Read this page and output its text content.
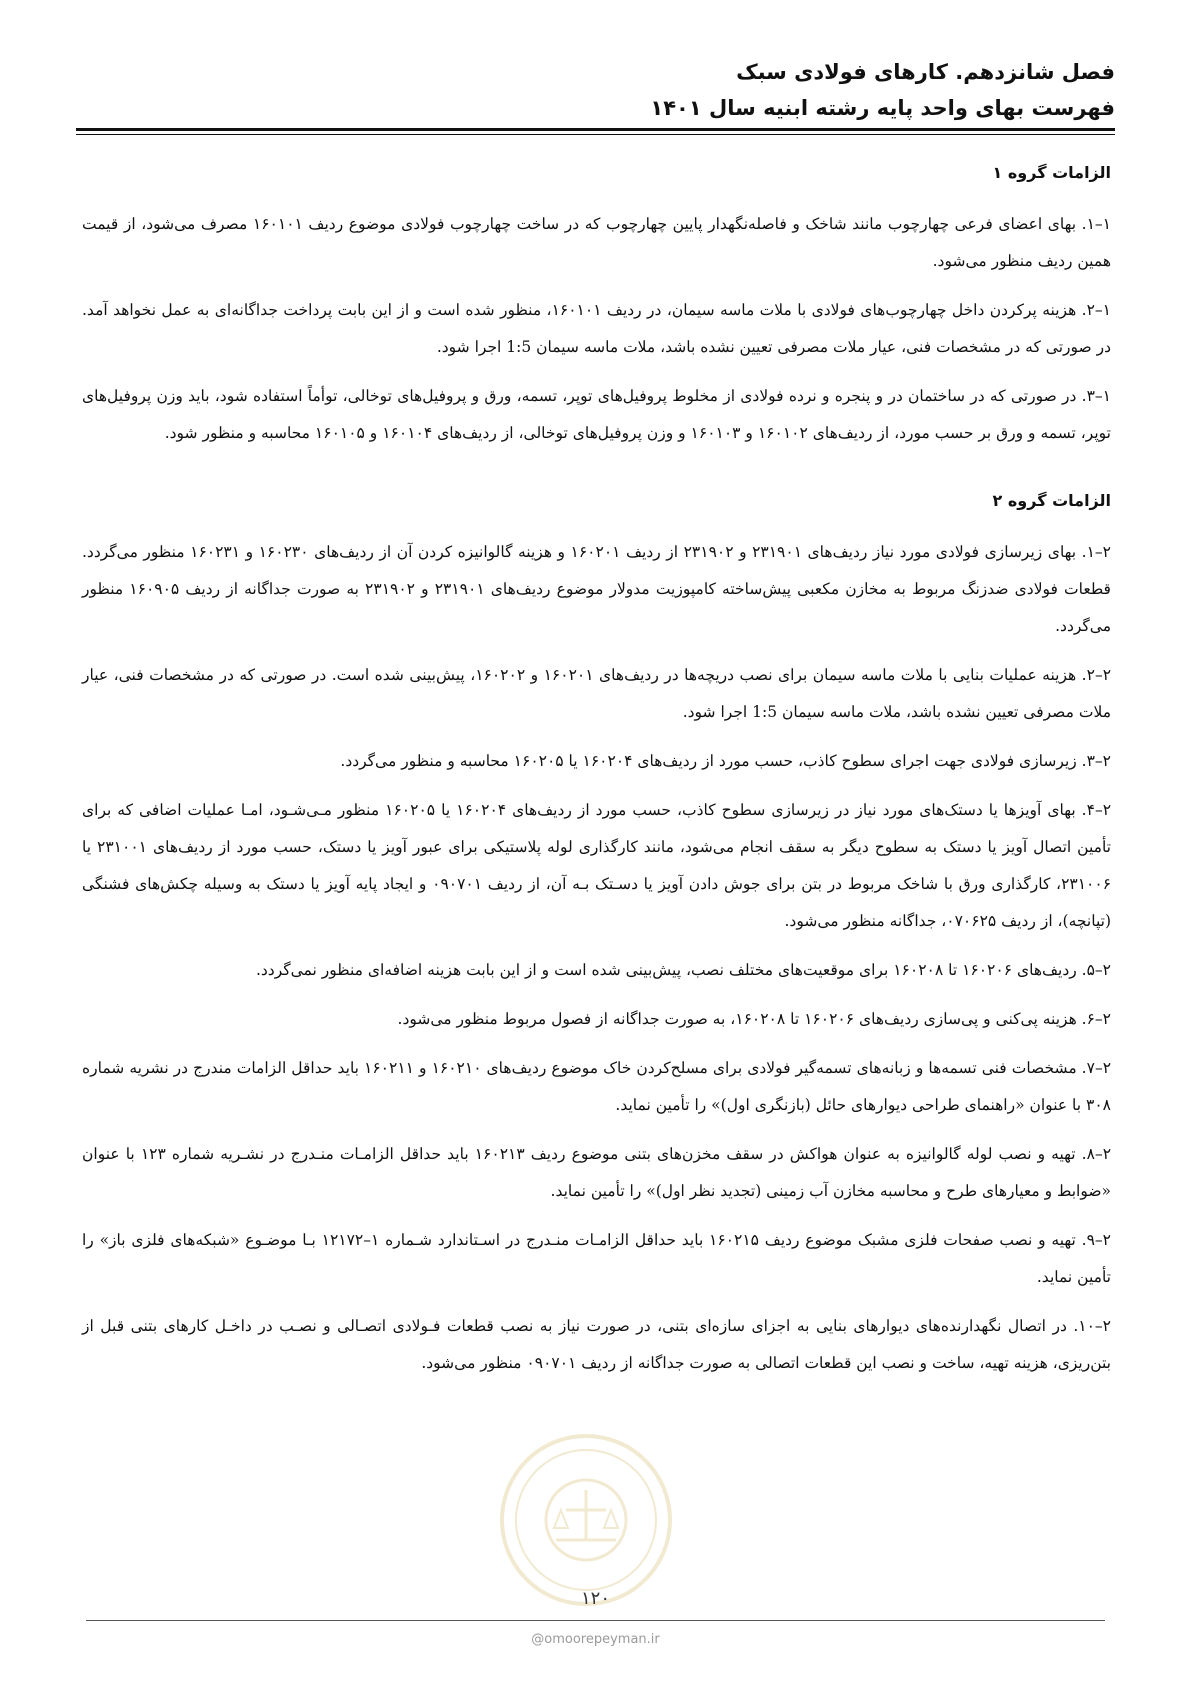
فصل شانزدهم. کارهای فولادی سبک
فهرست بهای واحد پایه رشته ابنیه سال ۱۴۰۱
الزامات گروه ۱

۱–۱. بهای اعضای فرعی چهارچوب مانند شاخک و فاصله‌نگهدار پایین چهارچوب که در ساخت چهارچوب فولادی موضوع ردیف ۱۶۰۱۰۱ مصرف می‌شود، از قیمت همین ردیف منظور می‌شود.

۱–۲. هزینه پرکردن داخل چهارچوب‌های فولادی با ملات ماسه سیمان، در ردیف ۱۶۰۱۰۱، منظور شده است و از این بابت پرداخت جداگانه‌ای به عمل نخواهد آمد. در صورتی که در مشخصات فنی، عیار ملات مصرفی تعیین نشده باشد، ملات ماسه سیمان 1:5 اجرا شود.

۱–۳. در صورتی که در ساختمان در و پنجره و نرده فولادی از مخلوط پروفیل‌های توپر، تسمه، ورق و پروفیل‌های توخالی، توأماً استفاده شود، باید وزن پروفیل‌های توپر، تسمه و ورق بر حسب مورد، از ردیف‌های ۱۶۰۱۰۲ و ۱۶۰۱۰۳ و وزن پروفیل‌های توخالی، از ردیف‌های ۱۶۰۱۰۴ و ۱۶۰۱۰۵ محاسبه و منظور شود.

الزامات گروه ۲

۲–۱. بهای زیرسازی فولادی مورد نیاز ردیف‌های ۲۳۱۹۰۱ و ۲۳۱۹۰۲ از ردیف ۱۶۰۲۰۱ و هزینه گالوانیزه کردن آن از ردیف‌های ۱۶۰۲۳۰ و ۱۶۰۲۳۱ منظور می‌گردد. قطعات فولادی ضدزنگ مربوط به مخازن مکعبی پیش‌ساخته کامپوزیت مدولار موضوع ردیف‌های ۲۳۱۹۰۱ و ۲۳۱۹۰۲ به صورت جداگانه از ردیف ۱۶۰۹۰۵ منظور می‌گردد.

۲–۲. هزینه عملیات بنایی با ملات ماسه سیمان برای نصب دریچه‌ها در ردیف‌های ۱۶۰۲۰۱ و ۱۶۰۲۰۲، پیش‌بینی شده است. در صورتی که در مشخصات فنی، عیار ملات مصرفی تعیین نشده باشد، ملات ماسه سیمان 1:5 اجرا شود.

۲–۳. زیرسازی فولادی جهت اجرای سطوح کاذب، حسب مورد از ردیف‌های ۱۶۰۲۰۴ یا ۱۶۰۲۰۵ محاسبه و منظور می‌گردد.

۲–۴. بهای آویزها یا دستک‌های مورد نیاز در زیرسازی سطوح کاذب، حسب مورد از ردیف‌های ۱۶۰۲۰۴ یا ۱۶۰۲۰۵ منظور مـی‌شـود، امـا عملیات اضافی که برای تأمین اتصال آویز یا دستک به سطوح دیگر به سقف انجام می‌شود، مانند کارگذاری لوله پلاستیکی برای عبور آویز یا دستک، حسب مورد از ردیف‌های ۲۳۱۰۰۱ یا ۲۳۱۰۰۶، کارگذاری ورق با شاخک مربوط در بتن برای جوش دادن آویز یا دسـتک بـه آن، از ردیف ۰۹۰۷۰۱ و ایجاد پایه آویز یا دستک به وسیله چکش‌های فشنگی (تپانچه)، از ردیف ۰۷۰۶۲۵، جداگانه منظور می‌شود.

۲–۵. ردیف‌های ۱۶۰۲۰۶ تا ۱۶۰۲۰۸ برای موقعیت‌های مختلف نصب، پیش‌بینی شده است و از این بابت هزینه اضافه‌ای منظور نمی‌گردد.

۲–۶. هزینه پی‌کنی و پی‌سازی ردیف‌های ۱۶۰۲۰۶ تا ۱۶۰۲۰۸، به صورت جداگانه از فصول مربوط منظور می‌شود.

۲–۷. مشخصات فنی تسمه‌ها و زبانه‌های تسمه‌گیر فولادی برای مسلح‌کردن خاک موضوع ردیف‌های ۱۶۰۲۱۰ و ۱۶۰۲۱۱ باید حداقل الزامات مندرج در نشریه شماره ۳۰۸ با عنوان «راهنمای طراحی دیوارهای حائل (بازنگری اول)» را تأمین نماید.

۲–۸. تهیه و نصب لوله گالوانیزه به عنوان هواکش در سقف مخزن‌های بتنی موضوع ردیف ۱۶۰۲۱۳ باید حداقل الزامـات منـدرج در نشـریه شماره ۱۲۳ با عنوان «ضوابط و معیارهای طرح و محاسبه مخازن آب زمینی (تجدید نظر اول)» را تأمین نماید.

۲–۹. تهیه و نصب صفحات فلزی مشبک موضوع ردیف ۱۶۰۲۱۵ باید حداقل الزامـات منـدرج در اسـتاندارد شـماره ۱–۱۲۱۷۲ بـا موضـوع «شبکه‌های فلزی باز» را تأمین نماید.

۲–۱۰. در اتصال نگهدارنده‌های دیوارهای بنایی به اجزای سازه‌ای بتنی، در صورت نیاز به نصب قطعات فـولادی اتصـالی و نصـب در داخـل کارهای بتنی قبل از بتن‌ریزی، هزینه تهیه، ساخت و نصب این قطعات اتصالی به صورت جداگانه از ردیف ۰۹۰۷۰۱ منظور می‌شود.

۱۲۰
@omoorepeyman.ir
